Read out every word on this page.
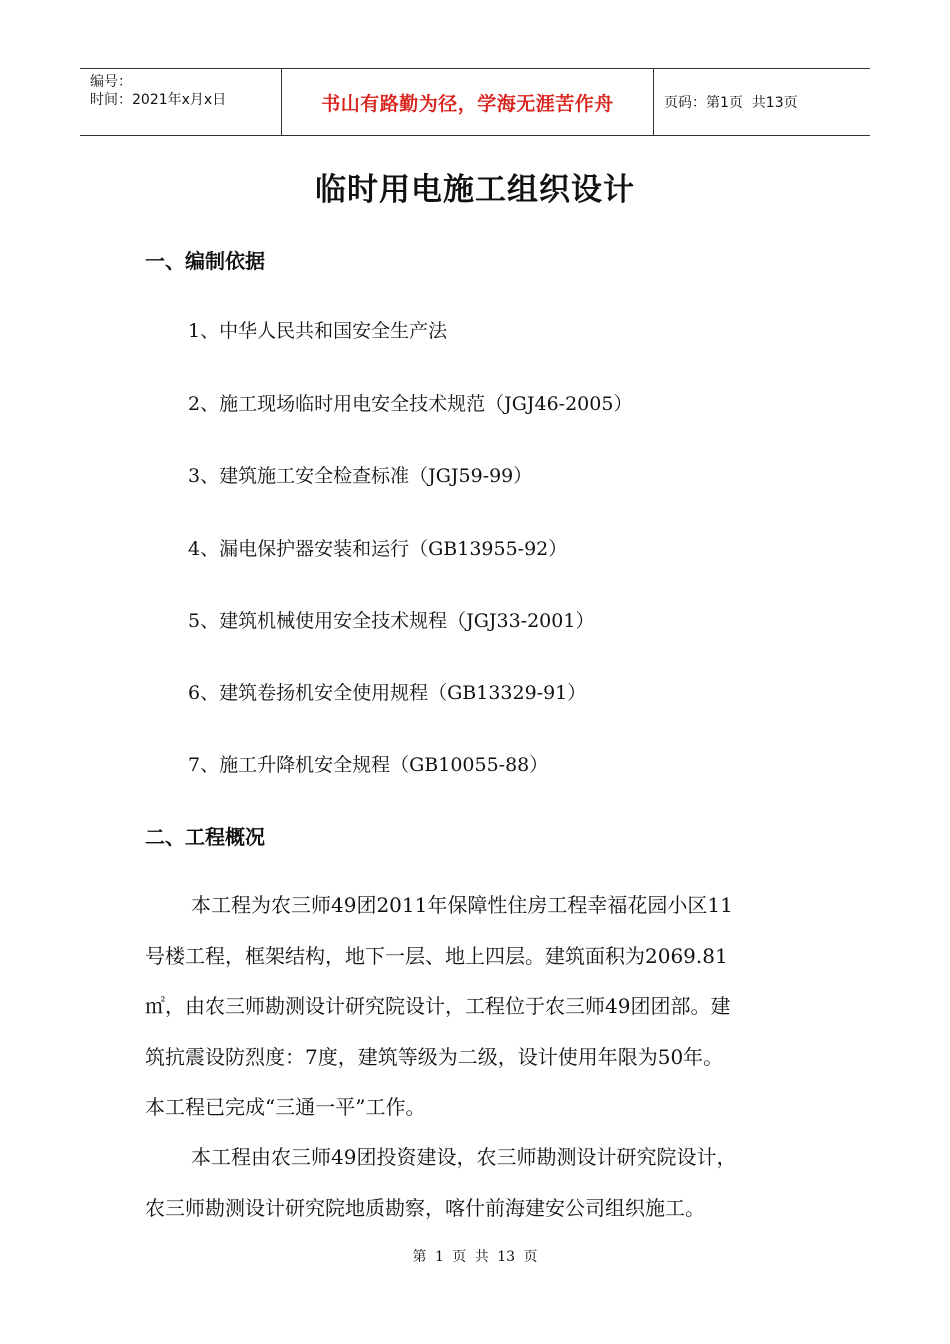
编号：
时间：2021年x月x日	书山有路勤为径，学海无涯苦作舟	页码：第1页  共13页
临时用电施工组织设计
一、编制依据
1、中华人民共和国安全生产法
2、施工现场临时用电安全技术规范（JGJ46-2005）
3、建筑施工安全检查标准（JGJ59-99）
4、漏电保护器安装和运行（GB13955-92）
5、建筑机械使用安全技术规程（JGJ33-2001）
6、建筑卷扬机安全使用规程（GB13329-91）
7、施工升降机安全规程（GB10055-88）
二、工程概况
本工程为农三师49团2011年保障性住房工程幸福花园小区11
号楼工程，框架结构，地下一层、地上四层。建筑面积为2069.81
㎡，由农三师勘测设计研究院设计，工程位于农三师49团团部。建
筑抗震设防烈度：7度，建筑等级为二级，设计使用年限为50年。
本工程已完成“三通一平”工作。
本工程由农三师49团投资建设，农三师勘测设计研究院设计，
农三师勘测设计研究院地质勘察，喀什前海建安公司组织施工。
第 1 页 共 13 页
